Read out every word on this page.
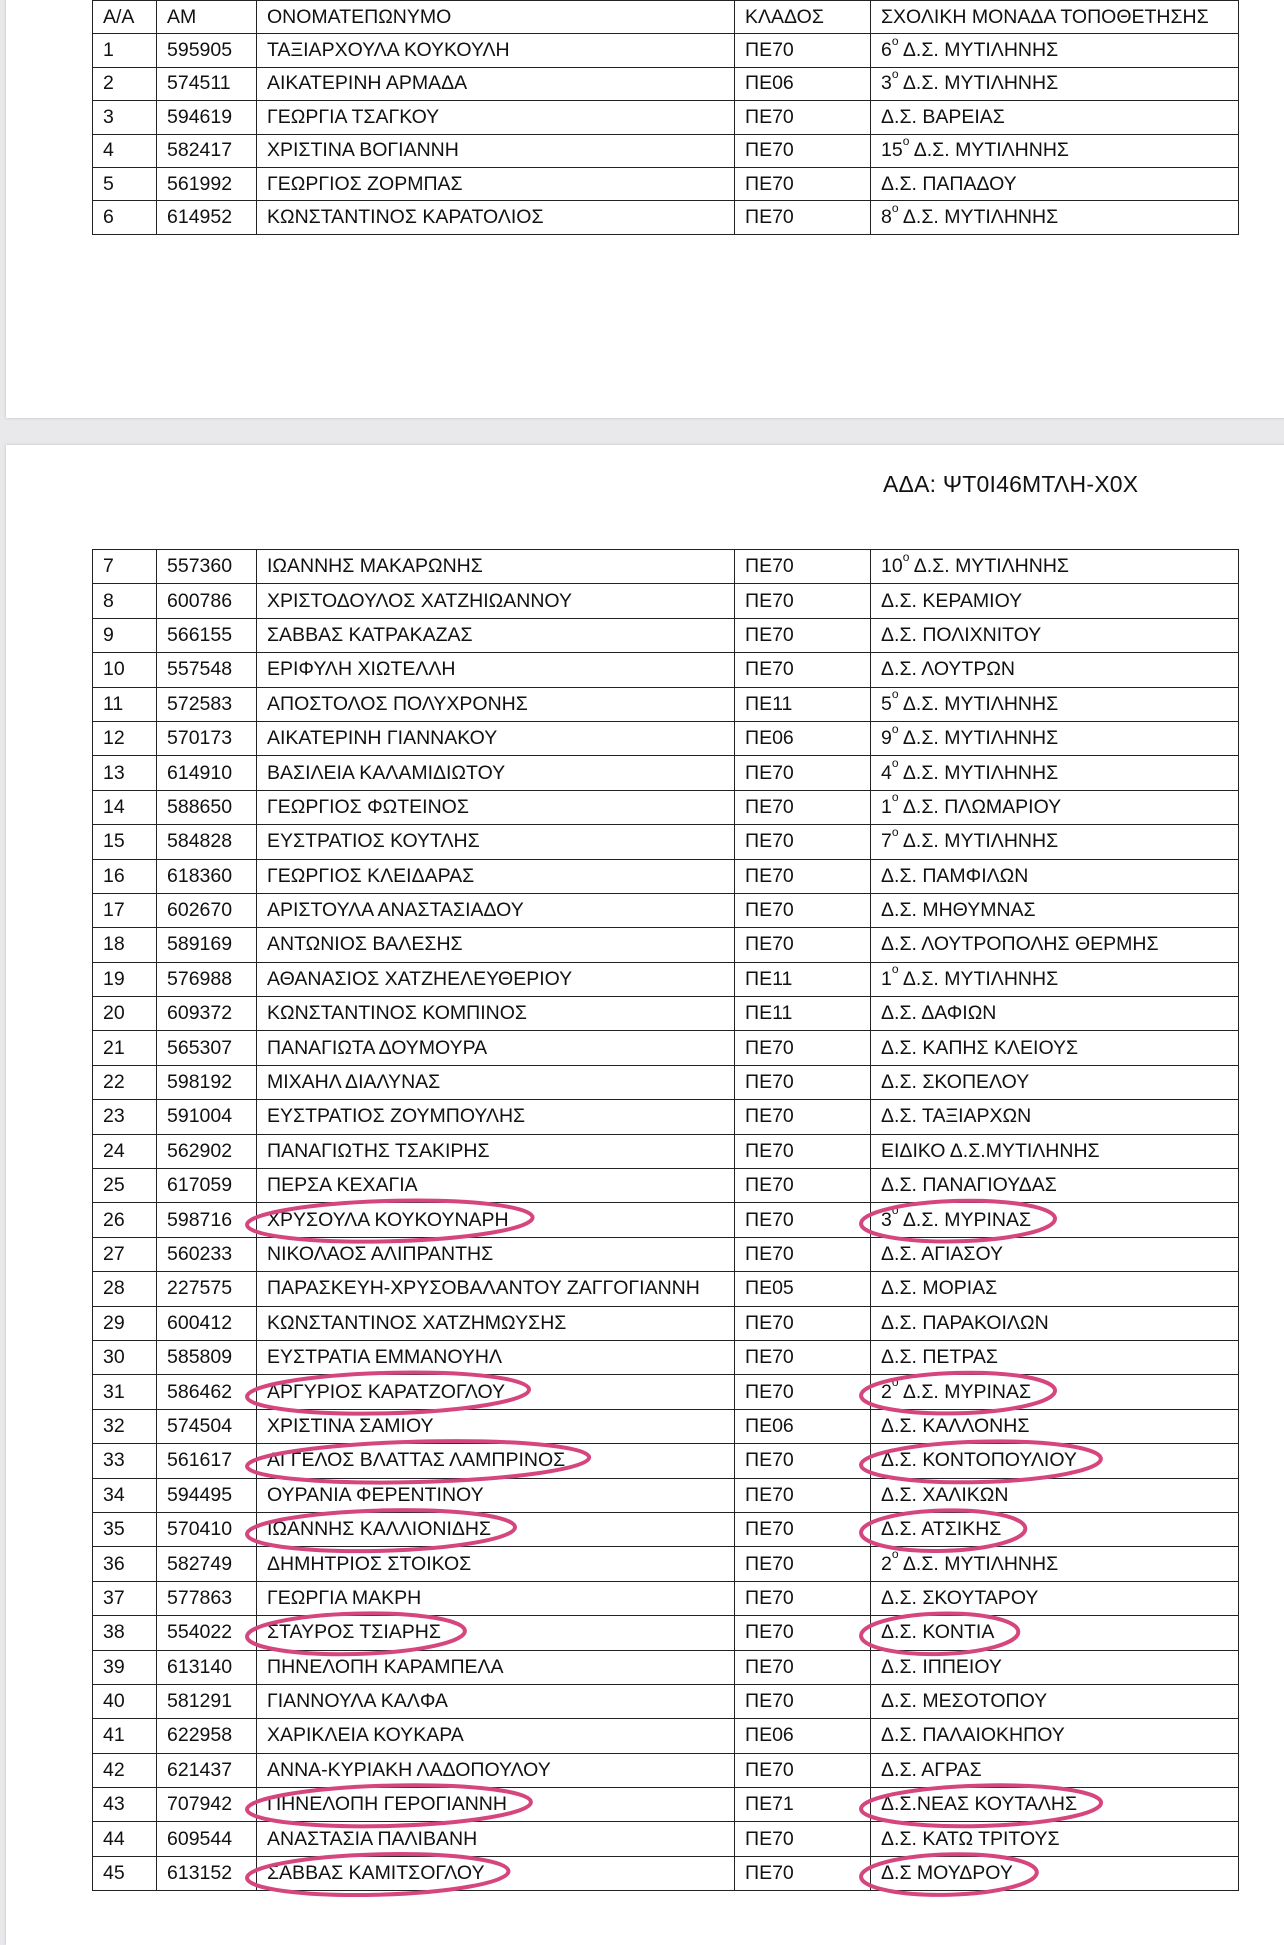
Α/Α	ΑΜ	ΟΝΟΜΑΤΕΠΩΝΥΜΟ	ΚΛΑΔΟΣ	ΣΧΟΛΙΚΗ ΜΟΝΑΔΑ ΤΟΠΟΘΕΤΗΣΗΣ
1	595905	ΤΑΞΙΑΡΧΟΥΛΑ ΚΟΥΚΟΥΛΗ	ΠΕ70	$6^o$ Δ.Σ. ΜΥΤΙΛΗΝΗΣ
2	574511	ΑΙΚΑΤΕΡΙΝΗ ΑΡΜΑΔΑ	ΠΕ06	$3^o$ Δ.Σ. ΜΥΤΙΛΗΝΗΣ
3	594619	ΓΕΩΡΓΙΑ ΤΣΑΓΚΟΥ	ΠΕ70	Δ.Σ. ΒΑΡΕΙΑΣ
4	582417	ΧΡΙΣΤΙΝΑ ΒΟΓΙΑΝΝΗ	ΠΕ70	$15^o$ Δ.Σ. ΜΥΤΙΛΗΝΗΣ
5	561992	ΓΕΩΡΓΙΟΣ ΖΟΡΜΠΑΣ	ΠΕ70	Δ.Σ. ΠΑΠΑΔΟΥ
6	614952	ΚΩΝΣΤΑΝΤΙΝΟΣ ΚΑΡΑΤΟΛΙΟΣ	ΠΕ70	$8^o$ Δ.Σ. ΜΥΤΙΛΗΝΗΣ
ΑΔΑ: ΨΤ0Ι46ΜΤΛΗ-Χ0Χ
7	557360	ΙΩΑΝΝΗΣ ΜΑΚΑΡΩΝΗΣ	ΠΕ70	$10^o$ Δ.Σ. ΜΥΤΙΛΗΝΗΣ
8	600786	ΧΡΙΣΤΟΔΟΥΛΟΣ ΧΑΤΖΗΙΩΑΝΝΟΥ	ΠΕ70	Δ.Σ. ΚΕΡΑΜΙΟΥ
9	566155	ΣΑΒΒΑΣ ΚΑΤΡΑΚΑΖΑΣ	ΠΕ70	Δ.Σ. ΠΟΛΙΧΝΙΤΟΥ
10	557548	ΕΡΙΦΥΛΗ ΧΙΩΤΕΛΛΗ	ΠΕ70	Δ.Σ. ΛΟΥΤΡΩΝ
11	572583	ΑΠΟΣΤΟΛΟΣ ΠΟΛΥΧΡΟΝΗΣ	ΠΕ11	$5^o$ Δ.Σ. ΜΥΤΙΛΗΝΗΣ
12	570173	ΑΙΚΑΤΕΡΙΝΗ ΓΙΑΝΝΑΚΟΥ	ΠΕ06	$9^o$ Δ.Σ. ΜΥΤΙΛΗΝΗΣ
13	614910	ΒΑΣΙΛΕΙΑ ΚΑΛΑΜΙΔΙΩΤΟΥ	ΠΕ70	$4^o$ Δ.Σ. ΜΥΤΙΛΗΝΗΣ
14	588650	ΓΕΩΡΓΙΟΣ ΦΩΤΕΙΝΟΣ	ΠΕ70	$1^o$ Δ.Σ. ΠΛΩΜΑΡΙΟΥ
15	584828	ΕΥΣΤΡΑΤΙΟΣ ΚΟΥΤΛΗΣ	ΠΕ70	$7^o$ Δ.Σ. ΜΥΤΙΛΗΝΗΣ
16	618360	ΓΕΩΡΓΙΟΣ ΚΛΕΙΔΑΡΑΣ	ΠΕ70	Δ.Σ. ΠΑΜΦΙΛΩΝ
17	602670	ΑΡΙΣΤΟΥΛΑ ΑΝΑΣΤΑΣΙΑΔΟΥ	ΠΕ70	Δ.Σ. ΜΗΘΥΜΝΑΣ
18	589169	ΑΝΤΩΝΙΟΣ ΒΑΛΕΣΗΣ	ΠΕ70	Δ.Σ. ΛΟΥΤΡΟΠΟΛΗΣ ΘΕΡΜΗΣ
19	576988	ΑΘΑΝΑΣΙΟΣ ΧΑΤΖΗΕΛΕΥΘΕΡΙΟΥ	ΠΕ11	$1^o$ Δ.Σ. ΜΥΤΙΛΗΝΗΣ
20	609372	ΚΩΝΣΤΑΝΤΙΝΟΣ ΚΟΜΠΙΝΟΣ	ΠΕ11	Δ.Σ. ΔΑΦΙΩΝ
21	565307	ΠΑΝΑΓΙΩΤΑ ΔΟΥΜΟΥΡΑ	ΠΕ70	Δ.Σ. ΚΑΠΗΣ ΚΛΕΙΟΥΣ
22	598192	ΜΙΧΑΗΛ ΔΙΑΛΥΝΑΣ	ΠΕ70	Δ.Σ. ΣΚΟΠΕΛΟΥ
23	591004	ΕΥΣΤΡΑΤΙΟΣ ΖΟΥΜΠΟΥΛΗΣ	ΠΕ70	Δ.Σ. ΤΑΞΙΑΡΧΩΝ
24	562902	ΠΑΝΑΓΙΩΤΗΣ ΤΣΑΚΙΡΗΣ	ΠΕ70	ΕΙΔΙΚΟ Δ.Σ.ΜΥΤΙΛΗΝΗΣ
25	617059	ΠΕΡΣΑ ΚΕΧΑΓΙΑ	ΠΕ70	Δ.Σ. ΠΑΝΑΓΙΟΥΔΑΣ
26	598716	ΧΡΥΣΟΥΛΑ ΚΟΥΚΟΥΝΑΡΗ	ΠΕ70	$3^o$ Δ.Σ. ΜΥΡΙΝΑΣ
27	560233	ΝΙΚΟΛΑΟΣ ΑΛΙΠΡΑΝΤΗΣ	ΠΕ70	Δ.Σ. ΑΓΙΑΣΟΥ
28	227575	ΠΑΡΑΣΚΕΥΗ-ΧΡΥΣΟΒΑΛΑΝΤΟΥ ΖΑΓΓΟΓΙΑΝΝΗ	ΠΕ05	Δ.Σ. ΜΟΡΙΑΣ
29	600412	ΚΩΝΣΤΑΝΤΙΝΟΣ ΧΑΤΖΗΜΩΥΣΗΣ	ΠΕ70	Δ.Σ. ΠΑΡΑΚΟΙΛΩΝ
30	585809	ΕΥΣΤΡΑΤΙΑ ΕΜΜΑΝΟΥΗΛ	ΠΕ70	Δ.Σ. ΠΕΤΡΑΣ
31	586462	ΑΡΓΥΡΙΟΣ ΚΑΡΑΤΖΟΓΛΟΥ	ΠΕ70	$2^o$ Δ.Σ. ΜΥΡΙΝΑΣ
32	574504	ΧΡΙΣΤΙΝΑ ΣΑΜΙΟΥ	ΠΕ06	Δ.Σ. ΚΑΛΛΟΝΗΣ
33	561617	ΑΓΓΕΛΟΣ ΒΛΑΤΤΑΣ ΛΑΜΠΡΙΝΟΣ	ΠΕ70	Δ.Σ. ΚΟΝΤΟΠΟΥΛΙΟΥ
34	594495	ΟΥΡΑΝΙΑ ΦΕΡΕΝΤΙΝΟΥ	ΠΕ70	Δ.Σ. ΧΑΛΙΚΩΝ
35	570410	ΙΩΑΝΝΗΣ ΚΑΛΛΙΟΝΙΔΗΣ	ΠΕ70	Δ.Σ. ΑΤΣΙΚΗΣ
36	582749	ΔΗΜΗΤΡΙΟΣ ΣΤΟΙΚΟΣ	ΠΕ70	$2^o$ Δ.Σ. ΜΥΤΙΛΗΝΗΣ
37	577863	ΓΕΩΡΓΙΑ ΜΑΚΡΗ	ΠΕ70	Δ.Σ. ΣΚΟΥΤΑΡΟΥ
38	554022	ΣΤΑΥΡΟΣ ΤΣΙΑΡΗΣ	ΠΕ70	Δ.Σ. ΚΟΝΤΙΑ
39	613140	ΠΗΝΕΛΟΠΗ ΚΑΡΑΜΠΕΛΑ	ΠΕ70	Δ.Σ. ΙΠΠΕΙΟΥ
40	581291	ΓΙΑΝΝΟΥΛΑ ΚΑΛΦΑ	ΠΕ70	Δ.Σ. ΜΕΣΟΤΟΠΟΥ
41	622958	ΧΑΡΙΚΛΕΙΑ ΚΟΥΚΑΡΑ	ΠΕ06	Δ.Σ. ΠΑΛΑΙΟΚΗΠΟΥ
42	621437	ΑΝΝΑ-ΚΥΡΙΑΚΗ ΛΑΔΟΠΟΥΛΟΥ	ΠΕ70	Δ.Σ. ΑΓΡΑΣ
43	707942	ΠΗΝΕΛΟΠΗ ΓΕΡΟΓΙΑΝΝΗ	ΠΕ71	Δ.Σ.ΝΕΑΣ ΚΟΥΤΑΛΗΣ
44	609544	ΑΝΑΣΤΑΣΙΑ ΠΑΛΙΒΑΝΗ	ΠΕ70	Δ.Σ. ΚΑΤΩ ΤΡΙΤΟΥΣ
45	613152	ΣΑΒΒΑΣ ΚΑΜΙΤΣΟΓΛΟΥ	ΠΕ70	Δ.Σ ΜΟΥΔΡΟΥ
